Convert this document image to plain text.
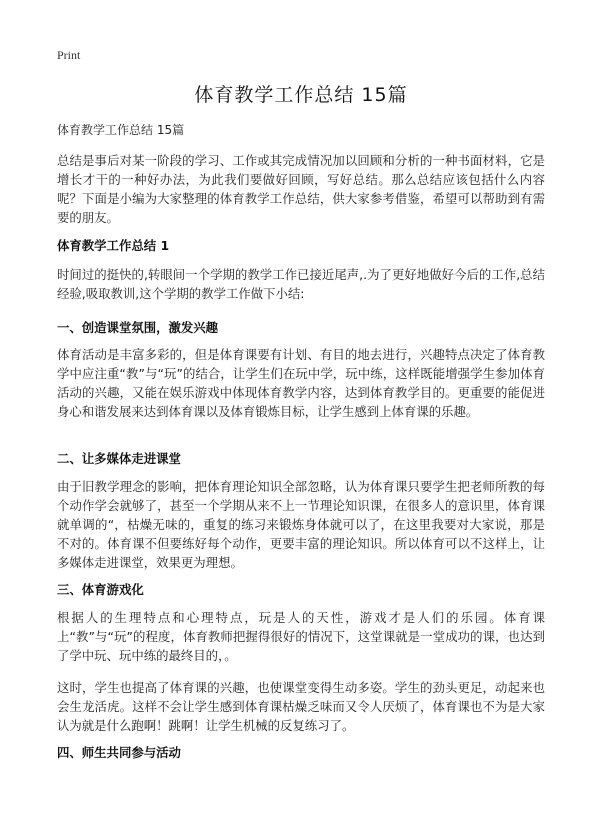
Print
体育教学工作总结 15篇
体育教学工作总结 15篇

总结是事后对某一阶段的学习、工作或其完成情况加以回顾和分析的一种书面材料，它是增长才干的一种好办法，为此我们要做好回顾，写好总结。那么总结应该包括什么内容呢？下面是小编为大家整理的体育教学工作总结，供大家参考借鉴，希望可以帮助到有需要的朋友。

体育教学工作总结 1

时间过的挺快的,转眼间一个学期的教学工作已接近尾声,.为了更好地做好今后的工作,总结经验,吸取教训,这个学期的教学工作做下小结:

一、创造课堂氛围，激发兴趣

体育活动是丰富多彩的，但是体育课要有计划、有目的地去进行，兴趣特点决定了体育教学中应注重“教”与“玩”的结合，让学生们在玩中学，玩中练，这样既能增强学生参加体育活动的兴趣，又能在娱乐游戏中体现体育教学内容，达到体育教学目的。更重要的能促进身心和谐发展来达到体育课以及体育锻炼目标，让学生感到上体育课的乐趣。

二、让多媒体走进课堂

由于旧教学理念的影响，把体育理论知识全部忽略，认为体育课只要学生把老师所教的每个动作学会就够了，甚至一个学期从来不上一节理论知识课，在很多人的意识里，体育课就单调的“，枯燥无味的，重复的练习来锻炼身体就可以了，在这里我要对大家说，那是不对的。体育课不但要练好每个动作，更要丰富的理论知识。所以体育可以不这样上，让多媒体走进课堂，效果更为理想。

三、体育游戏化

根据人的生理特点和心理特点，玩是人的天性，游戏才是人们的乐园。体育课上“教”与“玩”的程度，体育教师把握得很好的情况下，这堂课就是一堂成功的课，也达到了学中玩、玩中练的最终目的，。

这时，学生也提高了体育课的兴趣，也使课堂变得生动多姿。学生的劲头更足，动起来也会生龙活虎。这样不会让学生感到体育课枯燥乏味而又令人厌烦了，体育课也不为是大家认为就是什么跑啊！跳啊！让学生机械的反复练习了。

四、师生共同参与活动
